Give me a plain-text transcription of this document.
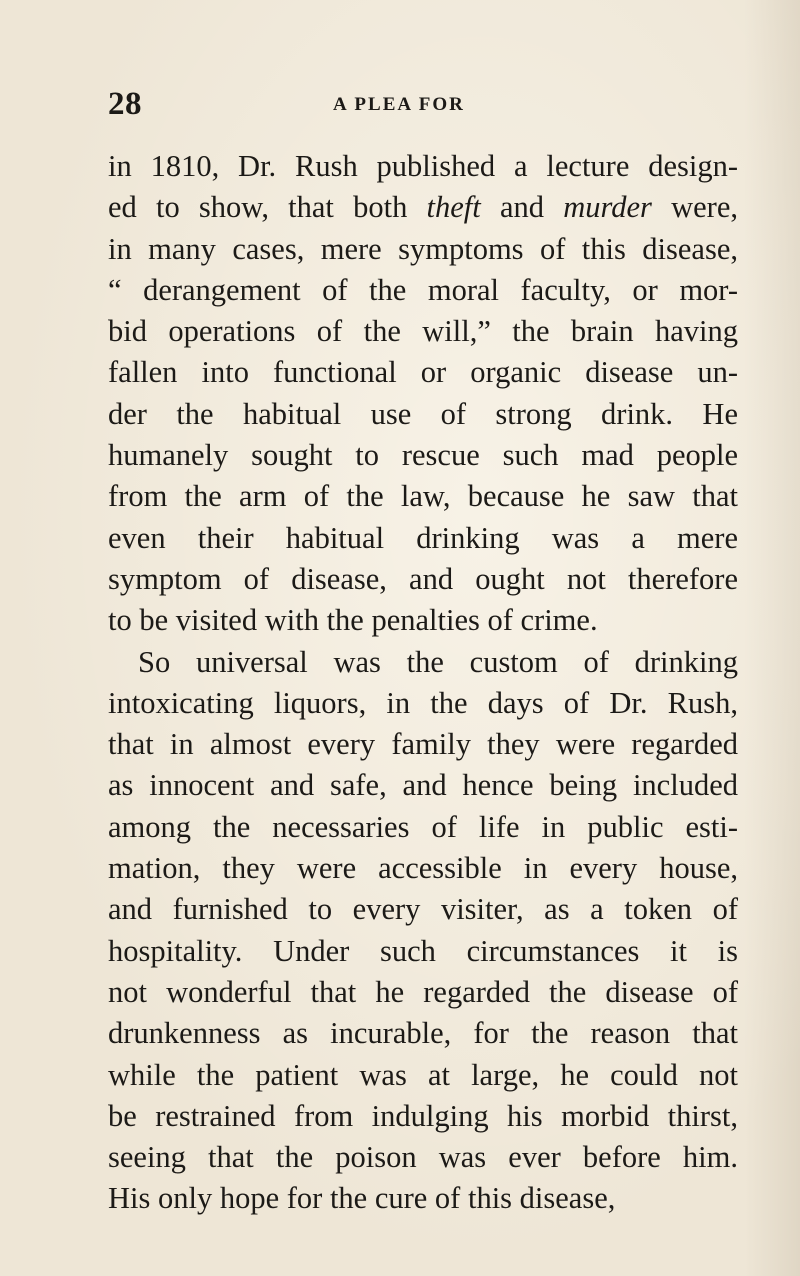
28	A PLEA FOR
in 1810, Dr. Rush published a lecture design-
ed to show, that both theft and murder were,
in many cases, mere symptoms of this disease,
“ derangement of the moral faculty, or mor-
bid operations of the will,” the brain having
fallen into functional or organic disease un-
der the habitual use of strong drink. He
humanely sought to rescue such mad people
from the arm of the law, because he saw that
even their habitual drinking was a mere
symptom of disease, and ought not therefore
to be visited with the penalties of crime.
So universal was the custom of drinking
intoxicating liquors, in the days of Dr. Rush,
that in almost every family they were regarded
as innocent and safe, and hence being included
among the necessaries of life in public esti-
mation, they were accessible in every house,
and furnished to every visiter, as a token of
hospitality. Under such circumstances it is
not wonderful that he regarded the disease of
drunkenness as incurable, for the reason that
while the patient was at large, he could not
be restrained from indulging his morbid thirst,
seeing that the poison was ever before him.
His only hope for the cure of this disease,
